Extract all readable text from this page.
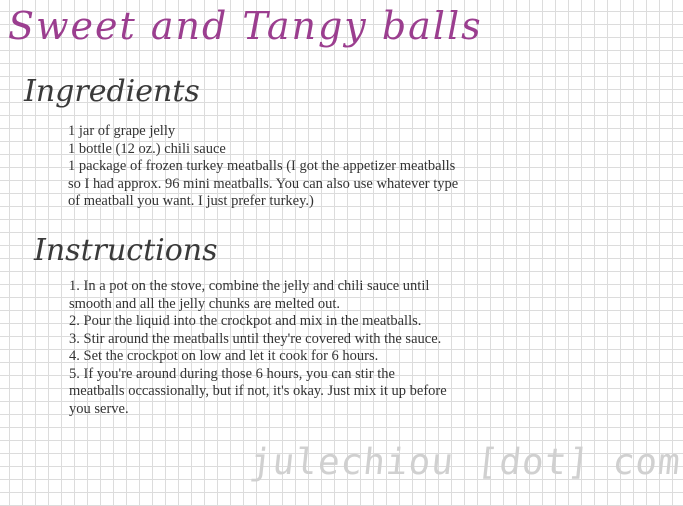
Sweet and Tangy balls
Ingredients
1 jar of grape jelly
1 bottle (12 oz.) chili sauce
1 package of frozen turkey meatballs (I got the appetizer meatballs
so I had approx. 96 mini meatballs. You can also use whatever type
of meatball you want. I just prefer turkey.)
Instructions
1. In a pot on the stove, combine the jelly and chili sauce until
smooth and all the jelly chunks are melted out.
2. Pour the liquid into the crockpot and mix in the meatballs.
3. Stir around the meatballs until they're covered with the sauce.
4. Set the crockpot on low and let it cook for 6 hours.
5. If you're around during those 6 hours, you can stir the
meatballs occassionally, but if not, it's okay. Just mix it up before
you serve.
julechiou [dot] com
